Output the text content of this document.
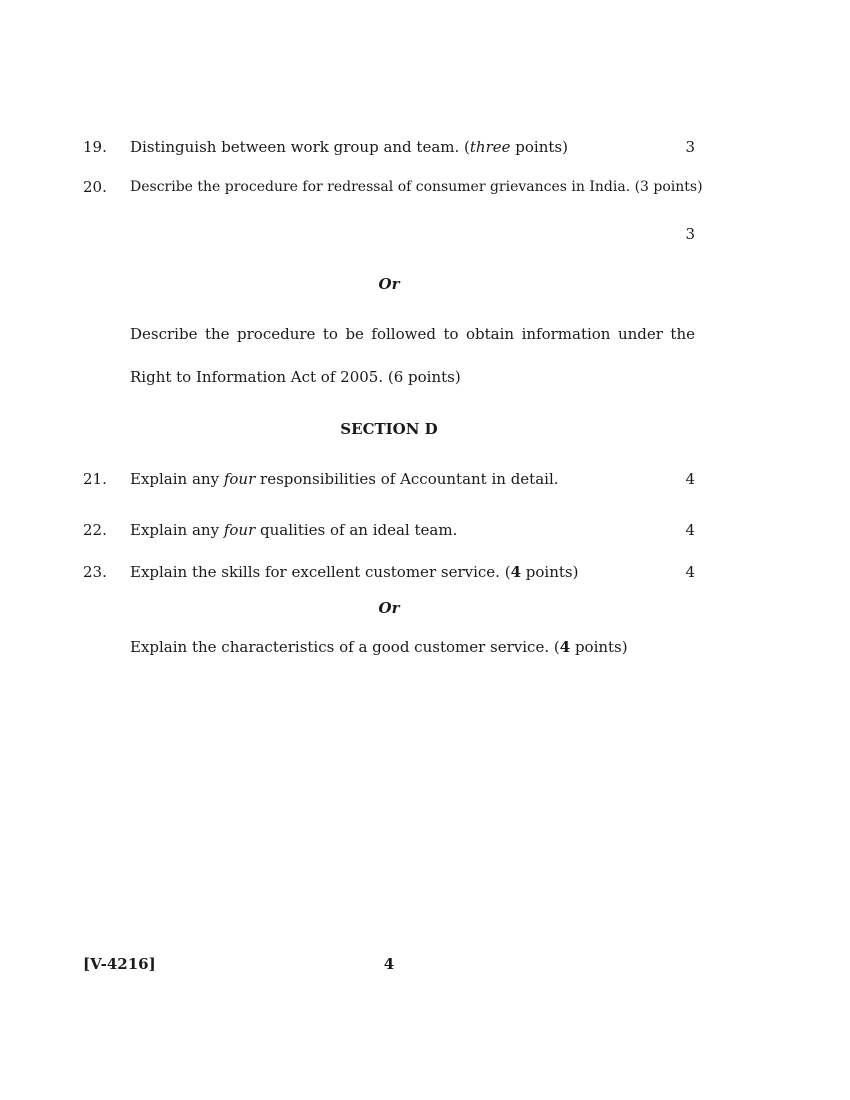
19. Distinguish between work group and team. (three points)	3
20. Describe the procedure for redressal of consumer grievances in India. (3 points)
3
Or
Describe the procedure to be followed to obtain information under the Right to Information Act of 2005. (6 points)
SECTION D
21. Explain any four responsibilities of Accountant in detail.	4
22. Explain any four qualities of an ideal team.	4
23. Explain the skills for excellent customer service. (4 points)	4
Or
Explain the characteristics of a good customer service. (4 points)
[V-4216]	4
